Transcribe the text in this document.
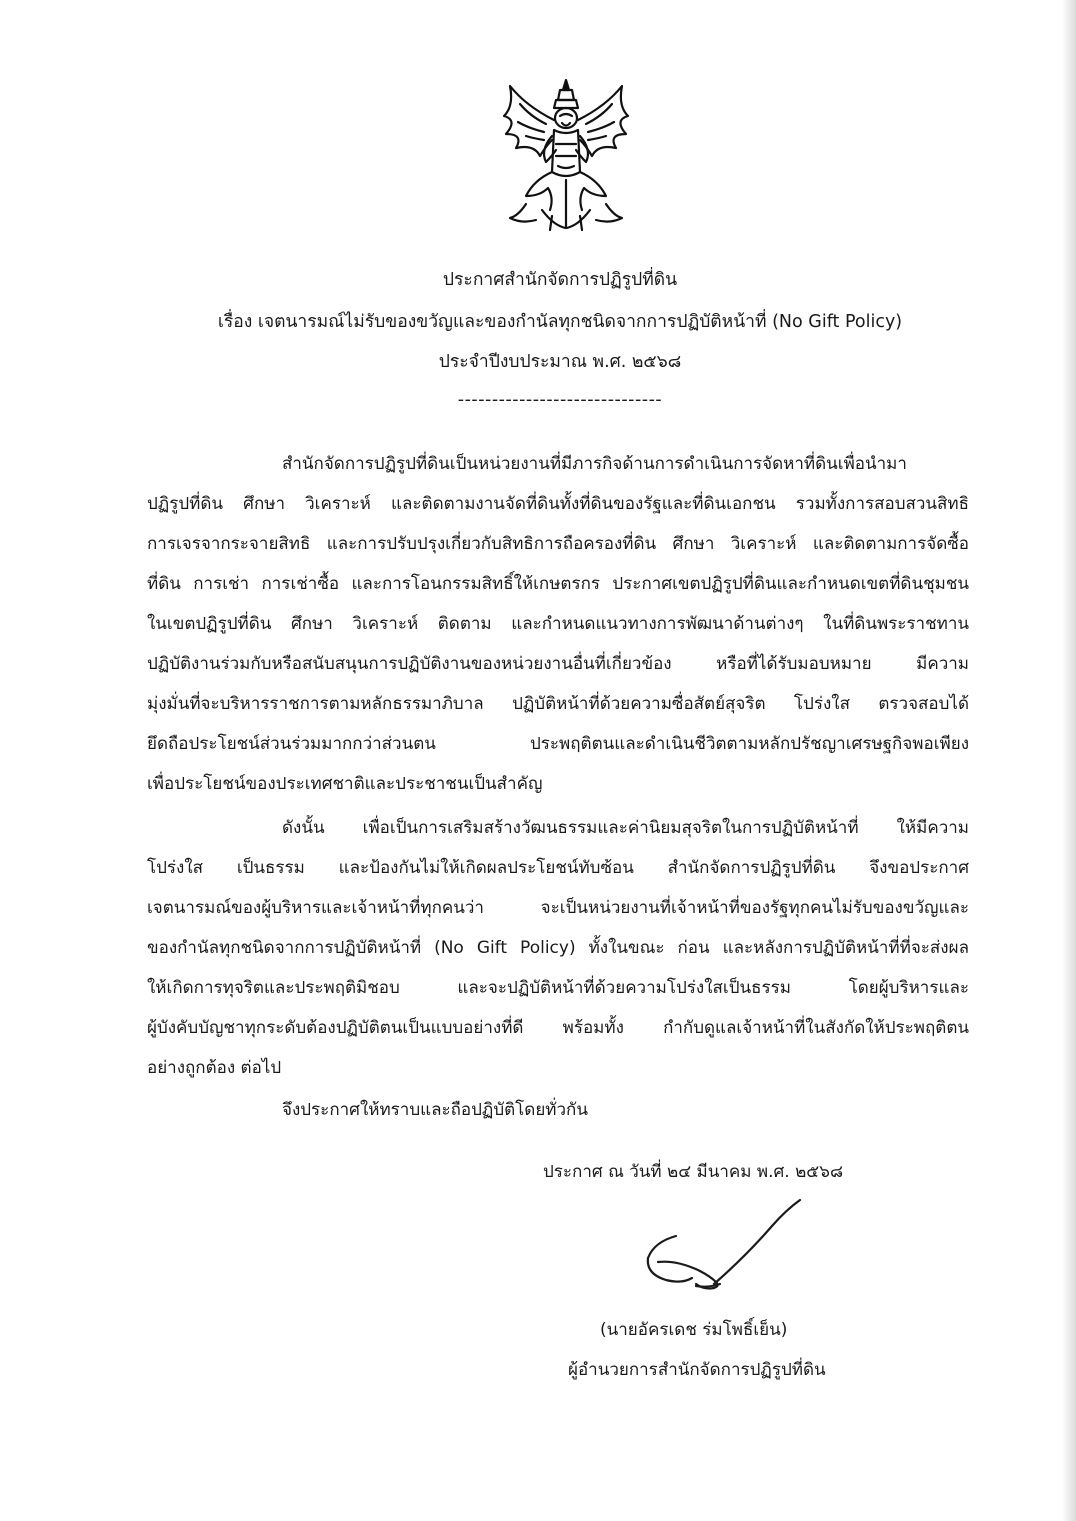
ประกาศสำนักจัดการปฏิรูปที่ดิน
เรื่อง เจตนารมณ์ไม่รับของขวัญและของกำนัลทุกชนิดจากการปฏิบัติหน้าที่ (No Gift Policy)
ประจำปีงบประมาณ พ.ศ. ๒๕๖๘
------------------------------
สำนักจัดการปฏิรูปที่ดินเป็นหน่วยงานที่มีภารกิจด้านการดำเนินการจัดหาที่ดินเพื่อนำมา
ปฏิรูปที่ดิน ศึกษา วิเคราะห์ และติดตามงานจัดที่ดินทั้งที่ดินของรัฐและที่ดินเอกชน รวมทั้งการสอบสวนสิทธิ
การเจรจากระจายสิทธิ และการปรับปรุงเกี่ยวกับสิทธิการถือครองที่ดิน ศึกษา วิเคราะห์ และติดตามการจัดซื้อ
ที่ดิน การเช่า การเช่าซื้อ และการโอนกรรมสิทธิ์ให้เกษตรกร ประกาศเขตปฏิรูปที่ดินและกำหนดเขตที่ดินชุมชน
ในเขตปฏิรูปที่ดิน ศึกษา วิเคราะห์ ติดตาม และกำหนดแนวทางการพัฒนาด้านต่างๆ ในที่ดินพระราชทาน
ปฏิบัติงานร่วมกับหรือสนับสนุนการปฏิบัติงานของหน่วยงานอื่นที่เกี่ยวข้อง หรือที่ได้รับมอบหมาย มีความ
มุ่งมั่นที่จะบริหารราชการตามหลักธรรมาภิบาล ปฏิบัติหน้าที่ด้วยความซื่อสัตย์สุจริต โปร่งใส ตรวจสอบได้
ยึดถือประโยชน์ส่วนร่วมมากกว่าส่วนตน ประพฤติตนและดำเนินชีวิตตามหลักปรัชญาเศรษฐกิจพอเพียง
เพื่อประโยชน์ของประเทศชาติและประชาชนเป็นสำคัญ
ดังนั้น เพื่อเป็นการเสริมสร้างวัฒนธรรมและค่านิยมสุจริตในการปฏิบัติหน้าที่ ให้มีความ
โปร่งใส เป็นธรรม และป้องกันไม่ให้เกิดผลประโยชน์ทับซ้อน สำนักจัดการปฏิรูปที่ดิน จึงขอประกาศ
เจตนารมณ์ของผู้บริหารและเจ้าหน้าที่ทุกคนว่า จะเป็นหน่วยงานที่เจ้าหน้าที่ของรัฐทุกคนไม่รับของขวัญและ
ของกำนัลทุกชนิดจากการปฏิบัติหน้าที่ (No Gift Policy) ทั้งในขณะ ก่อน และหลังการปฏิบัติหน้าที่ที่จะส่งผล
ให้เกิดการทุจริตและประพฤติมิชอบ และจะปฏิบัติหน้าที่ด้วยความโปร่งใสเป็นธรรม โดยผู้บริหารและ
ผู้บังคับบัญชาทุกระดับต้องปฏิบัติตนเป็นแบบอย่างที่ดี พร้อมทั้ง กำกับดูแลเจ้าหน้าที่ในสังกัดให้ประพฤติตน
อย่างถูกต้อง ต่อไป
จึงประกาศให้ทราบและถือปฏิบัติโดยทั่วกัน
ประกาศ ณ วันที่ ๒๔ มีนาคม พ.ศ. ๒๕๖๘
(นายอัครเดช ร่มโพธิ์เย็น)
ผู้อำนวยการสำนักจัดการปฏิรูปที่ดิน
